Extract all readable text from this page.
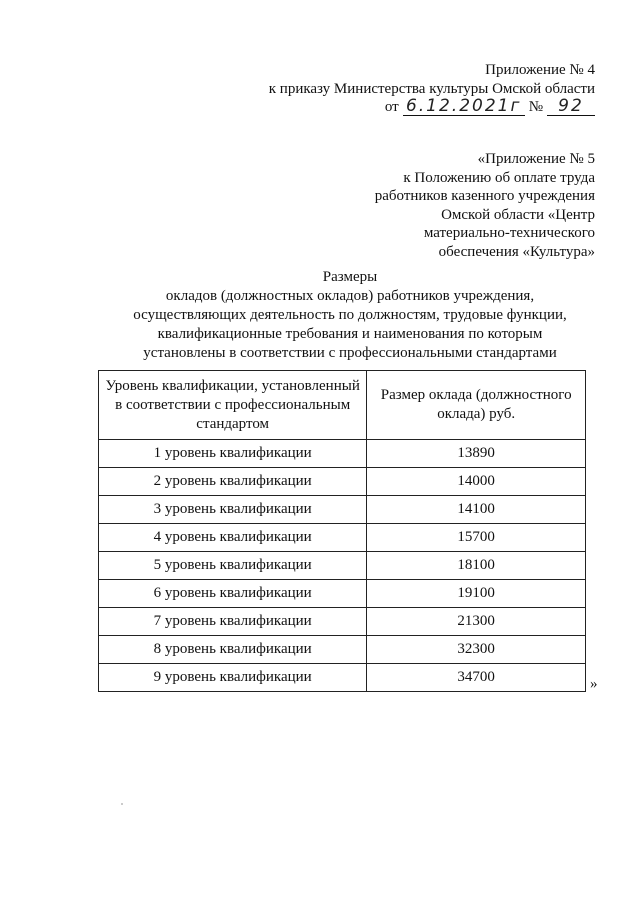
Приложение № 4
к приказу Министерства культуры Омской области
от 6.12.2021г № 92
«Приложение № 5
к Положению об оплате труда
работников казенного учреждения
Омской области «Центр
материально-технического
обеспечения «Культура»
Размеры
окладов (должностных окладов) работников учреждения,
осуществляющих деятельность по должностям, трудовые функции,
квалификационные требования и наименования по которым
установлены в соответствии с профессиональными стандартами
Уровень квалификации, установленный в соответствии с профессиональным стандартом	Размер оклада (должностного оклада) руб.
1 уровень квалификации	13890
2 уровень квалификации	14000
3 уровень квалификации	14100
4 уровень квалификации	15700
5 уровень квалификации	18100
6 уровень квалификации	19100
7 уровень квалификации	21300
8 уровень квалификации	32300
9 уровень квалификации	34700	»
